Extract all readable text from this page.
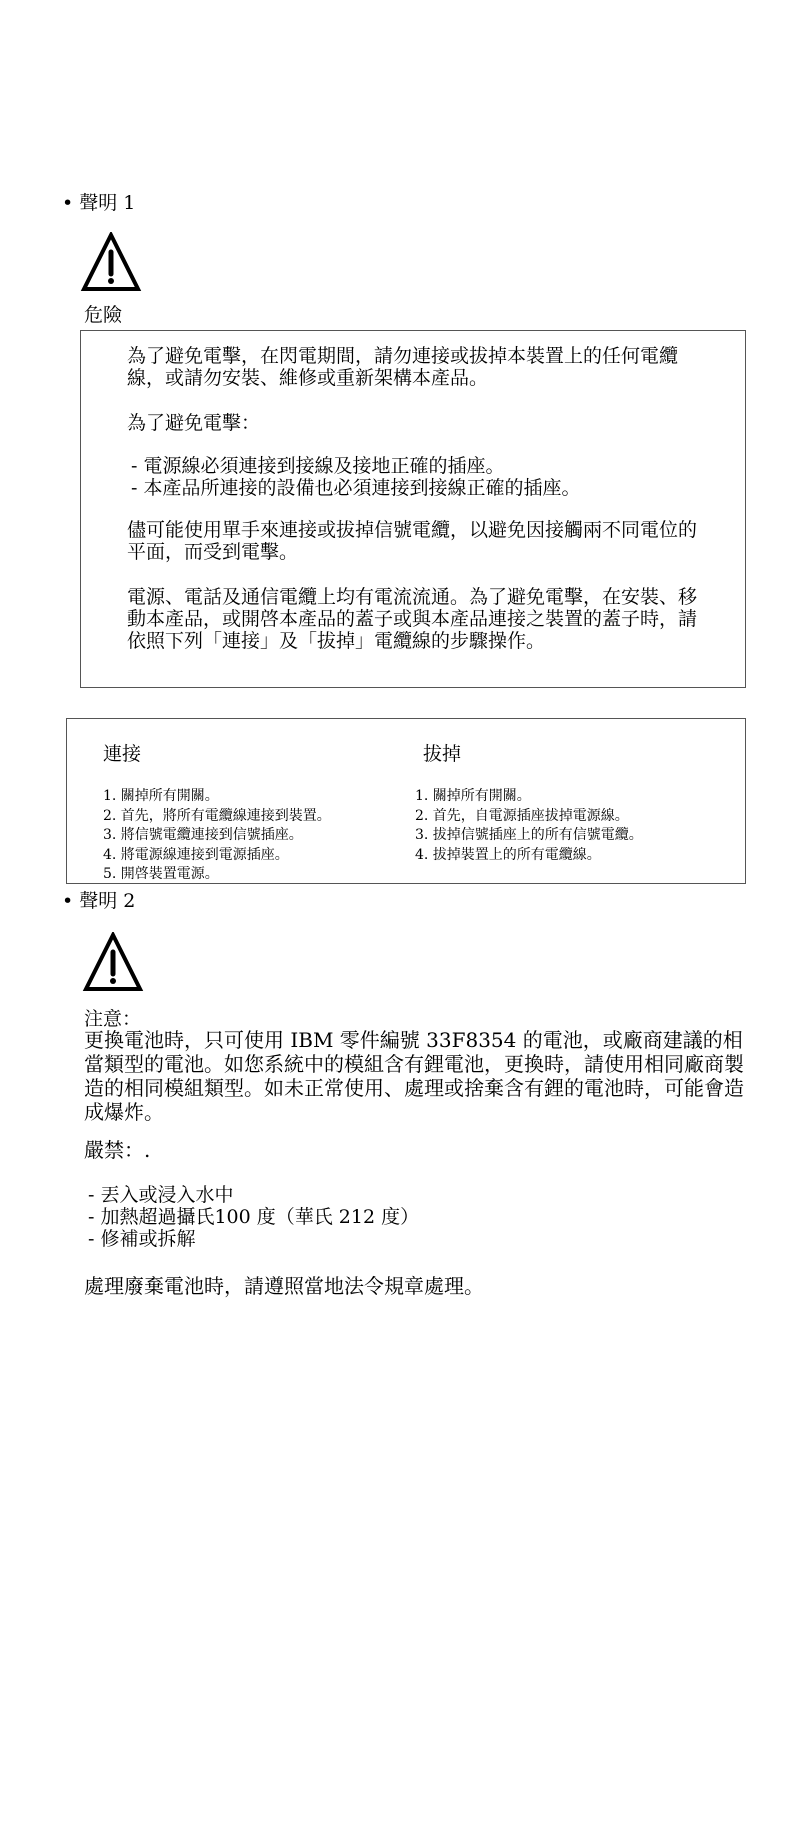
• 聲明 1
危險

為了避免電擊，在閃電期間，請勿連接或拔掉本裝置上的任何電纜線，或請勿安裝、維修或重新架構本產品。

為了避免電擊：

- 電源線必須連接到接線及接地正確的插座。
- 本產品所連接的設備也必須連接到接線正確的插座。

儘可能使用單手來連接或拔掉信號電纜，以避免因接觸兩不同電位的平面，而受到電擊。

電源、電話及通信電纜上均有電流流通。為了避免電擊，在安裝、移動本產品，或開啓本產品的蓋子或與本產品連接之裝置的蓋子時，請依照下列「連接」及「拔掉」電纜線的步驟操作。

連接
1. 關掉所有開關。
2. 首先，將所有電纜線連接到裝置。
3. 將信號電纜連接到信號插座。
4. 將電源線連接到電源插座。
5. 開啓裝置電源。
拔掉
1. 關掉所有開關。
2. 首先，自電源插座拔掉電源線。
3. 拔掉信號插座上的所有信號電纜。
4. 拔掉裝置上的所有電纜線。
• 聲明 2
注意：

更換電池時，只可使用 IBM 零件編號 33F8354 的電池，或廠商建議的相當類型的電池。如您系統中的模組含有鋰電池，更換時，請使用相同廠商製造的相同模組類型。如未正常使用、處理或捨棄含有鋰的電池時，可能會造成爆炸。

嚴禁：.
- 丟入或浸入水中
- 加熱超過攝氏100 度（華氏 212 度）
- 修補或拆解

處理廢棄電池時，請遵照當地法令規章處理。
